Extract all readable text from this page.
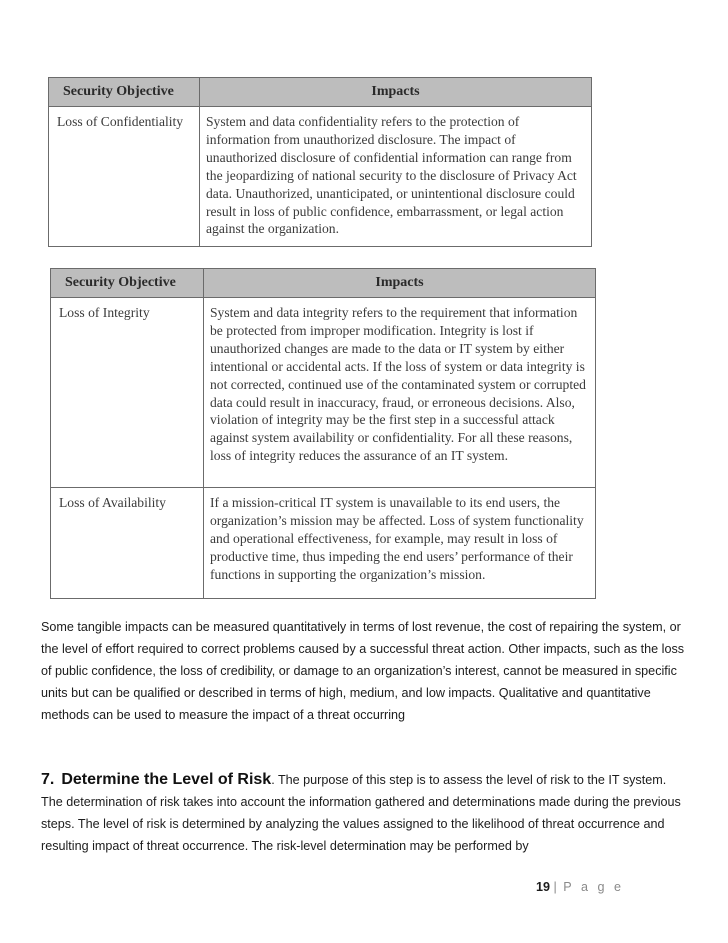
Security Objective	Impacts
Loss of Confidentiality	System and data confidentiality refers to the protection of information from unauthorized disclosure. The impact of unauthorized disclosure of confidential information can range from the jeopardizing of national security to the disclosure of Privacy Act data. Unauthorized, unanticipated, or unintentional disclosure could result in loss of public confidence, embarrassment, or legal action against the organization.
Security Objective	Impacts
Loss of Integrity	System and data integrity refers to the requirement that information be protected from improper modification. Integrity is lost if unauthorized changes are made to the data or IT system by either intentional or accidental acts. If the loss of system or data integrity is not corrected, continued use of the contaminated system or corrupted data could result in inaccuracy, fraud, or erroneous decisions. Also, violation of integrity may be the first step in a successful attack against system availability or confidentiality. For all these reasons, loss of integrity reduces the assurance of an IT system.
Loss of Availability	If a mission-critical IT system is unavailable to its end users, the organization’s mission may be affected. Loss of system functionality and operational effectiveness, for example, may result in loss of productive time, thus impeding the end users’ performance of their functions in supporting the organization’s mission.

Some tangible impacts can be measured quantitatively in terms of lost revenue, the cost of repairing the system, or the level of effort required to correct problems caused by a successful threat action. Other impacts, such as the loss of public confidence, the loss of credibility, or damage to an organization’s interest, cannot be measured in specific units but can be qualified or described in terms of high, medium, and low impacts. Qualitative and quantitative methods can be used to measure the impact of a threat occurring

7. Determine the Level of Risk. The purpose of this step is to assess the level of risk to the IT system. The determination of risk takes into account the information gathered and determinations made during the previous steps. The level of risk is determined by analyzing the values assigned to the likelihood of threat occurrence and resulting impact of threat occurrence. The risk-level determination may be performed by

19 | P a g e
